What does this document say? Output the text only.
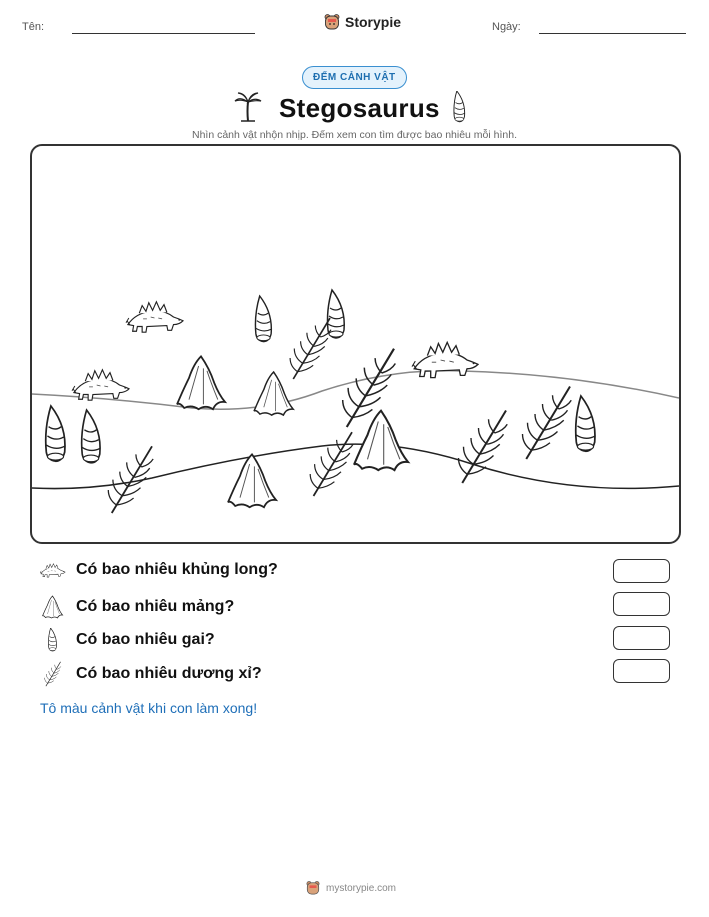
Tên:	Storypie	Ngày:
ĐẾM CẢNH VẬT
Stegosaurus
Nhìn cảnh vật nhộn nhịp. Đếm xem con tìm được bao nhiêu mỗi hình.
Có bao nhiêu khủng long?
Có bao nhiêu mảng?
Có bao nhiêu gai?
Có bao nhiêu dương xỉ?
Tô màu cảnh vật khi con làm xong!
mystorypie.com
